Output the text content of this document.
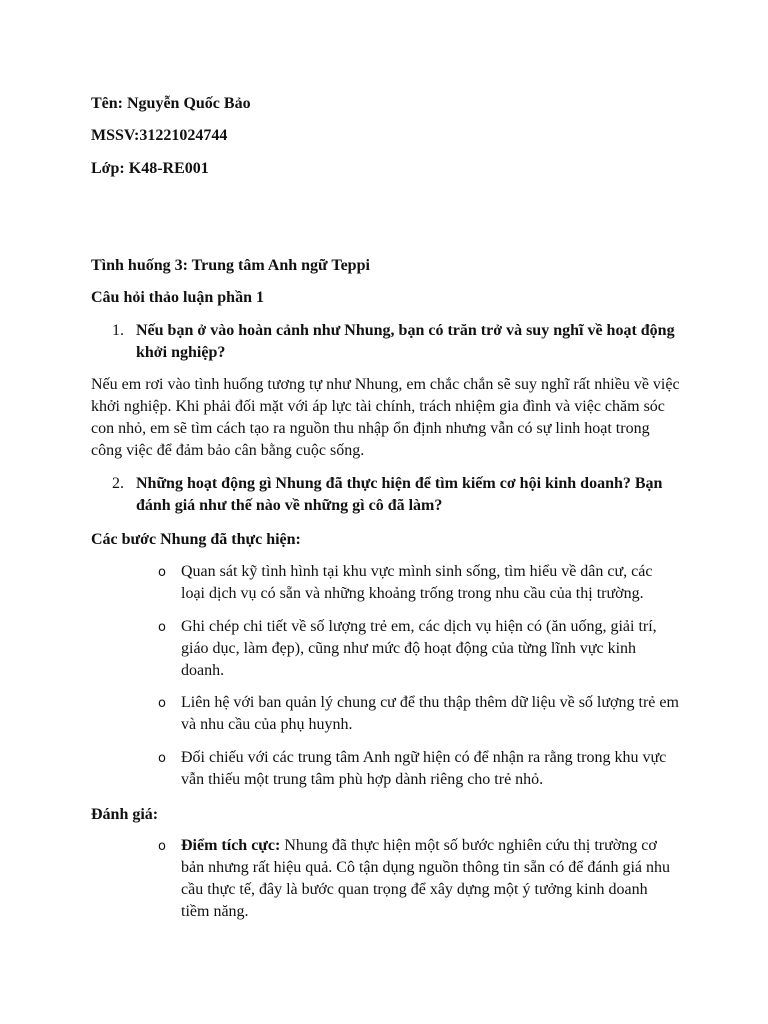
Tên: Nguyễn Quốc Bảo

MSSV:31221024744

Lớp: K48-RE001

Tình huống 3: Trung tâm Anh ngữ Teppi

Câu hỏi thảo luận phần 1

1. Nếu bạn ở vào hoàn cảnh như Nhung, bạn có trăn trở và suy nghĩ về hoạt động khởi nghiệp?

Nếu em rơi vào tình huống tương tự như Nhung, em chắc chắn sẽ suy nghĩ rất nhiều về việc khởi nghiệp. Khi phải đối mặt với áp lực tài chính, trách nhiệm gia đình và việc chăm sóc con nhỏ, em sẽ tìm cách tạo ra nguồn thu nhập ổn định nhưng vẫn có sự linh hoạt trong công việc để đảm bảo cân bằng cuộc sống.

2. Những hoạt động gì Nhung đã thực hiện để tìm kiếm cơ hội kinh doanh? Bạn đánh giá như thế nào về những gì cô đã làm?

Các bước Nhung đã thực hiện:

o Quan sát kỹ tình hình tại khu vực mình sinh sống, tìm hiểu về dân cư, các loại dịch vụ có sẵn và những khoảng trống trong nhu cầu của thị trường.
o Ghi chép chi tiết về số lượng trẻ em, các dịch vụ hiện có (ăn uống, giải trí, giáo dục, làm đẹp), cũng như mức độ hoạt động của từng lĩnh vực kinh doanh.
o Liên hệ với ban quản lý chung cư để thu thập thêm dữ liệu về số lượng trẻ em và nhu cầu của phụ huynh.
o Đối chiếu với các trung tâm Anh ngữ hiện có để nhận ra rằng trong khu vực vẫn thiếu một trung tâm phù hợp dành riêng cho trẻ nhỏ.

Đánh giá:

o Điểm tích cực: Nhung đã thực hiện một số bước nghiên cứu thị trường cơ bản nhưng rất hiệu quả. Cô tận dụng nguồn thông tin sẵn có để đánh giá nhu cầu thực tế, đây là bước quan trọng để xây dựng một ý tưởng kinh doanh tiềm năng.
